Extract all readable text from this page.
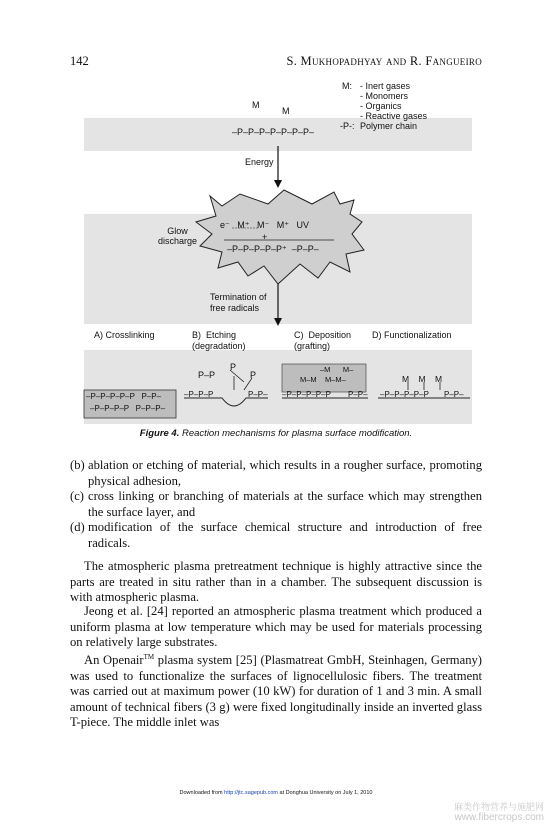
142	S. Mukhopadhyay and R. Fangueiro
M: - Inert gases
- Monomers
- Organics
- Reactive gases
-P-: Polymer chain
M
M
–P–P–P–P–P–P–P–
Energy
Glow
discharge
e⁻   M⁺   M⁻   M⁺   UV
+
–P–P–P–P–P⁺  –P–P–
Termination of
free radicals
A) Crosslinking	B)  Etching
(degradation)
C)  Deposition
(grafting)
D) Functionalization
–P–P–P–P–P   P–P–
–P–P–P–P   P–P–P–
P–P
P
P
–P–P–P	P–P–
–M      M–
M–M    M–M–
–P–P–P–P–P P–P–
M    M    M
–P–P–P–P–P P–P–
Figure 4. Reaction mechanisms for plasma surface modification.
(b) ablation or etching of material, which results in a rougher surface, promoting physical adhesion,
(c) cross linking or branching of materials at the surface which may strengthen the surface layer, and
(d) modification of the surface chemical structure and introduction of free radicals.
The atmospheric plasma pretreatment technique is highly attractive since the parts are treated in situ rather than in a chamber. The subsequent discussion is with atmospheric plasma.
Jeong et al. [24] reported an atmospheric plasma treatment which produced a uniform plasma at low temperature which may be used for materials processing on relatively large substrates.
An Openair™ plasma system [25] (Plasmatreat GmbH, Steinhagen, Germany) was used to functionalize the surfaces of lignocellulosic fibers. The treatment was carried out at maximum power (10 kW) for duration of 1 and 3 min. A small amount of technical fibers (3 g) were fixed longitudinally inside an inverted glass T-piece. The middle inlet was
Downloaded from http://jtc.sagepub.com at Donghua University on July 1, 2010
麻类作物营养与施肥网
www.fibercrops.com
